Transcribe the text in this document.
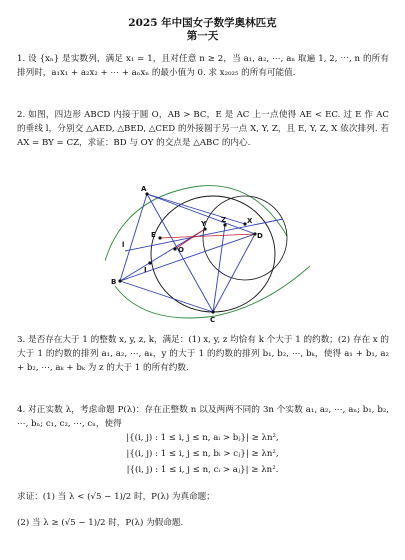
2025 年中国女子数学奥林匹克
第一天
1. 设 {xₙ} 是实数列，满足 x₁ = 1，且对任意 n ≥ 2，当 a₁, a₂, ⋯, aₙ 取遍 1, 2, ⋯, n 的所有排列时，a₁x₁ + a₂x₂ + ⋯ + aₙxₙ 的最小值为 0. 求 x₂₀₂₅ 的所有可能值.
2. 如图，四边形 ABCD 内接于圆 O，AB > BC，E 是 AC 上一点使得 AE < EC. 过 E 作 AC 的垂线 l，分别交 △AED, △BED, △CED 的外接圆于另一点 X, Y, Z，且 E, Y, Z, X 依次排列. 若 AX = BY = CZ，求证：BD 与 OY 的交点是 △ABC 的内心.
A
B
C
D
E
X
Y Z
O
I
l
3. 是否存在大于 1 的整数 x, y, z, k，满足：(1) x, y, z 均恰有 k 个大于 1 的约数；(2) 存在 x 的大于 1 的约数的排列 a₁, a₂, ⋯, aₖ，y 的大于 1 的约数的排列 b₁, b₂, ⋯, bₖ，使得 a₁ + b₁, a₂ + b₂, ⋯, aₖ + bₖ 为 z 的大于 1 的所有约数.
4. 对正实数 λ，考虑命题 P(λ)：存在正整数 n 以及两两不同的 3n 个实数 a₁, a₂, ⋯, aₙ; b₁, b₂, ⋯, bₙ; c₁, c₂, ⋯, cₙ，使得
|{(i, j) : 1 ≤ i, j ≤ n, aᵢ > bⱼ}| ≥ λn²,
|{(i, j) : 1 ≤ i, j ≤ n, bᵢ > cⱼ}| ≥ λn²,
|{(i, j) : 1 ≤ i, j ≤ n, cᵢ > aⱼ}| ≥ λn².
求证：(1) 当 λ < (√5 − 1)/2 时，P(λ) 为真命题；
(2) 当 λ ≥ (√5 − 1)/2 时，P(λ) 为假命题.
